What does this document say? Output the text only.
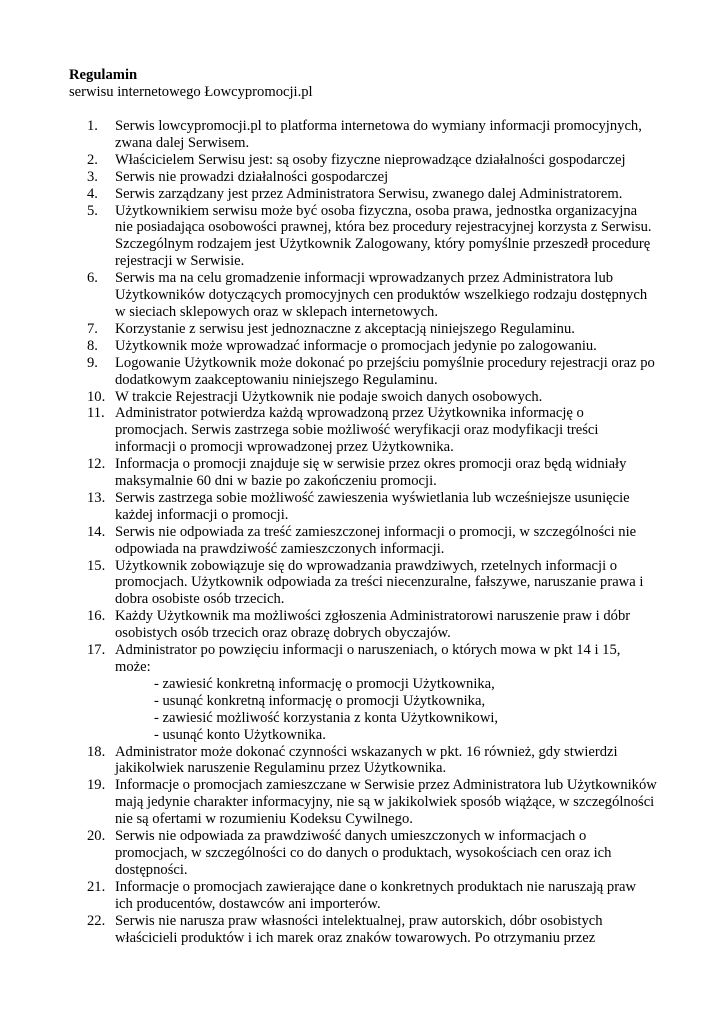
Regulamin
serwisu internetowego Łowcypromocji.pl
1. Serwis lowcypromocji.pl to platforma internetowa do wymiany informacji promocyjnych,
zwana dalej Serwisem.
2. Właścicielem Serwisu jest: są osoby fizyczne nieprowadzące działalności gospodarczej
3. Serwis nie prowadzi działalności gospodarczej
4. Serwis zarządzany jest przez Administratora Serwisu, zwanego dalej Administratorem.
5. Użytkownikiem serwisu może być osoba fizyczna, osoba prawa, jednostka organizacyjna
nie posiadająca osobowości prawnej, która bez procedury rejestracyjnej korzysta z Serwisu.
Szczególnym rodzajem jest Użytkownik Zalogowany, który pomyślnie przeszedł procedurę
rejestracji w Serwisie.
6. Serwis ma na celu gromadzenie informacji wprowadzanych przez Administratora lub
Użytkowników dotyczących promocyjnych cen produktów wszelkiego rodzaju dostępnych
w sieciach sklepowych oraz w sklepach internetowych.
7. Korzystanie z serwisu jest jednoznaczne z akceptacją niniejszego Regulaminu.
8. Użytkownik może wprowadzać informacje o promocjach jedynie po zalogowaniu.
9. Logowanie Użytkownik może dokonać po przejściu pomyślnie procedury rejestracji oraz po
dodatkowym zaakceptowaniu niniejszego Regulaminu.
10. W trakcie Rejestracji Użytkownik nie podaje swoich danych osobowych.
11. Administrator potwierdza każdą wprowadzoną przez Użytkownika informację o
promocjach. Serwis zastrzega sobie możliwość weryfikacji oraz modyfikacji treści
informacji o promocji wprowadzonej przez Użytkownika.
12. Informacja o promocji znajduje się w serwisie przez okres promocji oraz będą widniały
maksymalnie 60 dni w bazie po zakończeniu promocji.
13. Serwis zastrzega sobie możliwość zawieszenia wyświetlania lub wcześniejsze usunięcie
każdej informacji o promocji.
14. Serwis nie odpowiada za treść zamieszczonej informacji o promocji, w szczególności nie
odpowiada na prawdziwość zamieszczonych informacji.
15. Użytkownik zobowiązuje się do wprowadzania prawdziwych, rzetelnych informacji o
promocjach. Użytkownik odpowiada za treści niecenzuralne, fałszywe, naruszanie prawa i
dobra osobiste osób trzecich.
16. Każdy Użytkownik ma możliwości zgłoszenia Administratorowi naruszenie praw i dóbr
osobistych osób trzecich oraz obrazę dobrych obyczajów.
17. Administrator po powzięciu informacji o naruszeniach, o których mowa w pkt 14 i 15,
może:
- zawiesić konkretną informację o promocji Użytkownika,
- usunąć konkretną informację o promocji Użytkownika,
- zawiesić możliwość korzystania z konta Użytkownikowi,
- usunąć konto Użytkownika.
18. Administrator może dokonać czynności wskazanych w pkt. 16 również, gdy stwierdzi
jakikolwiek naruszenie Regulaminu przez Użytkownika.
19. Informacje o promocjach zamieszczane w Serwisie przez Administratora lub Użytkowników
mają jedynie charakter informacyjny, nie są w jakikolwiek sposób wiążące, w szczególności
nie są ofertami w rozumieniu Kodeksu Cywilnego.
20. Serwis nie odpowiada za prawdziwość danych umieszczonych w informacjach o
promocjach, w szczególności co do danych o produktach, wysokościach cen oraz ich
dostępności.
21. Informacje o promocjach zawierające dane o konkretnych produktach nie naruszają praw
ich producentów, dostawców ani importerów.
22. Serwis nie narusza praw własności intelektualnej, praw autorskich, dóbr osobistych
właścicieli produktów i ich marek oraz znaków towarowych. Po otrzymaniu przez
